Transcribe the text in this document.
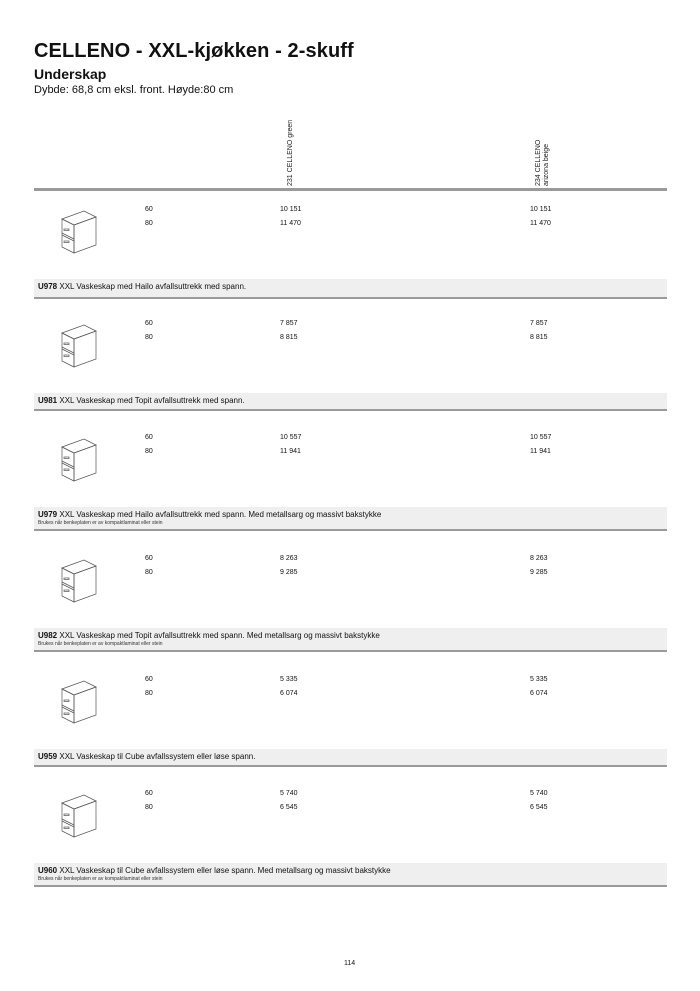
CELLENO - XXL-kjøkken - 2-skuff
Underskap

Dybde: 68,8 cm eksl. front. Høyde:80 cm

231 CELLENO green	234 CELLENO arizona beige
60
80
10 151
11 470
10 151
11 470
U978 XXL Vaskeskap med Hailo avfallsuttrekk med spann.
60
80
7 857
8 815
7 857
8 815
U981 XXL Vaskeskap med Topit avfallsuttrekk med spann.
60
80
10 557
11 941
10 557
11 941
U979 XXL Vaskeskap med Hailo avfallsuttrekk med spann. Med metallsarg og massivt bakstykke
Brukes når benkeplaten er av kompaktlaminat eller stein
60
80
8 263
9 285
8 263
9 285
U982 XXL Vaskeskap med Topit avfallsuttrekk med spann. Med metallsarg og massivt bakstykke
Brukes når benkeplaten er av kompaktlaminat eller stein
60
80
5 335
6 074
5 335
6 074
U959 XXL Vaskeskap til Cube avfallssystem eller løse spann.
60
80
5 740
6 545
5 740
6 545
U960 XXL Vaskeskap til Cube avfallssystem eller løse spann. Med metallsarg og massivt bakstykke
Brukes når benkeplaten er av kompaktlaminat eller stein
114
